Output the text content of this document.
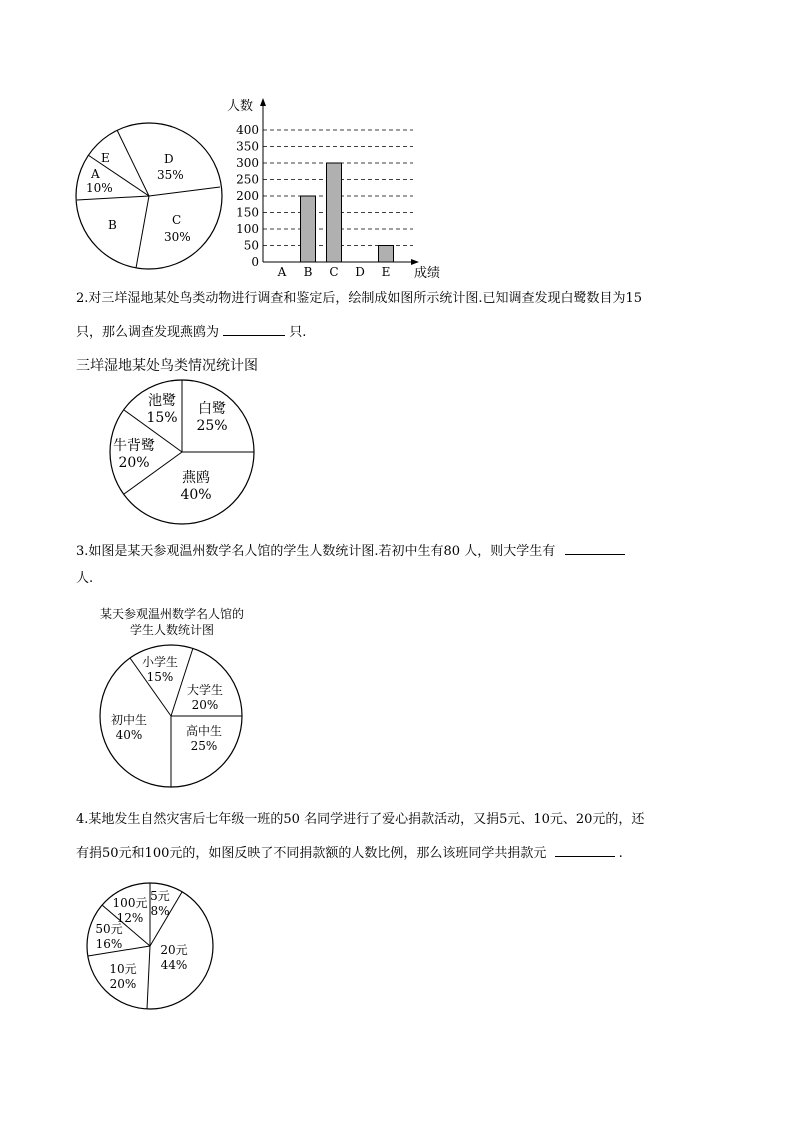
E
A
10%
B	C
30%
D
35%
人数
成绩
0
50
100
150
200
250
300
350
400
A B C D E
2.对三垟湿地某处鸟类动物进行调查和鉴定后，绘制成如图所示统计图.已知调查发现白鹭数目为15
只，那么调查发现燕鸥为	只.
三垟湿地某处鸟类情况统计图
白鹭
25%
燕鸥
40%
牛背鹭
20%
池鹭
15%
3.如图是某天参观温州数学名人馆的学生人数统计图.若初中生有80 人，则大学生有
人.
某天参观温州数学名人馆的
学生人数统计图
大学生
20%
高中生
25%
初中生
40%
小学生
15%
4.某地发生自然灾害后七年级一班的50 名同学进行了爱心捐款活动，又捐5元、10元、20元的，还
有捐50元和100元的，如图反映了不同捐款额的人数比例，那么该班同学共捐款元	.
20元
44%
10元
20%
50元
16%
100元
12%
5元
8%
